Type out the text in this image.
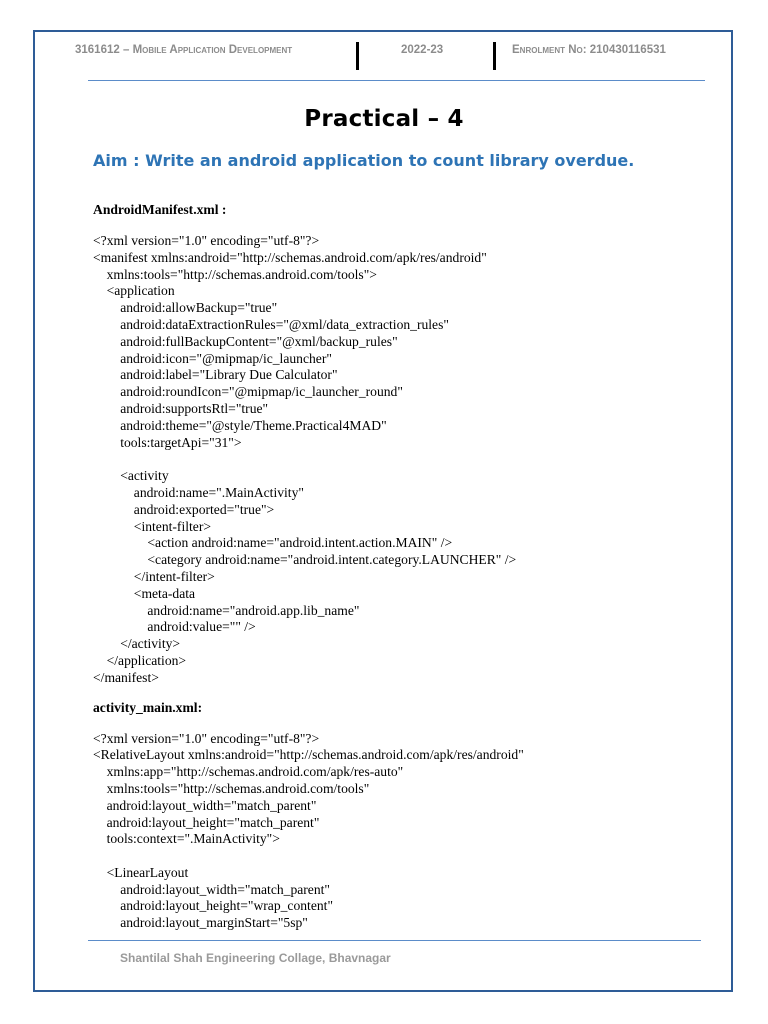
3161612 – Mobile Application Development	2022-23	Enrolment No: 210430116531
Practical – 4
Aim : Write an android application to count library overdue.
AndroidManifest.xml :
<?xml version="1.0" encoding="utf-8"?>
<manifest xmlns:android="http://schemas.android.com/apk/res/android"
xmlns:tools="http://schemas.android.com/tools">
<application
android:allowBackup="true"
android:dataExtractionRules="@xml/data_extraction_rules"
android:fullBackupContent="@xml/backup_rules"
android:icon="@mipmap/ic_launcher"
android:label="Library Due Calculator"
android:roundIcon="@mipmap/ic_launcher_round"
android:supportsRtl="true"
android:theme="@style/Theme.Practical4MAD"
tools:targetApi="31">
<activity
android:name=".MainActivity"
android:exported="true">
<intent-filter>
<action android:name="android.intent.action.MAIN" />
<category android:name="android.intent.category.LAUNCHER" />
</intent-filter>
<meta-data
android:name="android.app.lib_name"
android:value="" />
</activity>
</application>
</manifest>
activity_main.xml:
<?xml version="1.0" encoding="utf-8"?>
<RelativeLayout xmlns:android="http://schemas.android.com/apk/res/android"
xmlns:app="http://schemas.android.com/apk/res-auto"
xmlns:tools="http://schemas.android.com/tools"
android:layout_width="match_parent"
android:layout_height="match_parent"
tools:context=".MainActivity">
<LinearLayout
android:layout_width="match_parent"
android:layout_height="wrap_content"
android:layout_marginStart="5sp"
Shantilal Shah Engineering Collage, Bhavnagar
